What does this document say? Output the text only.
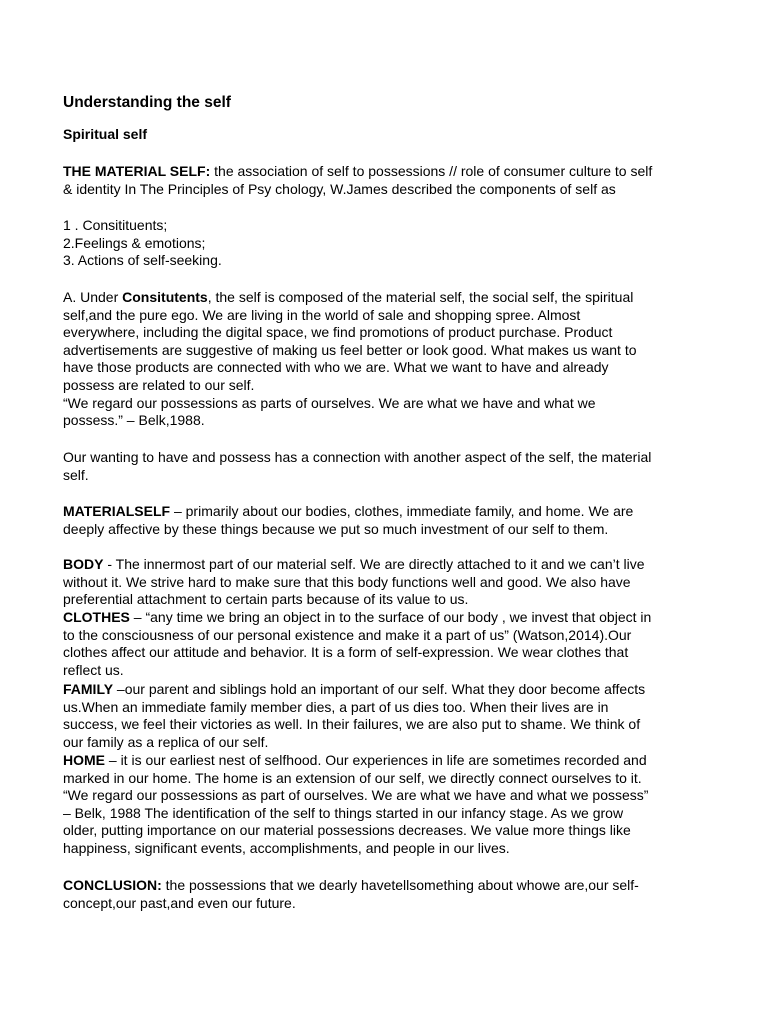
Understanding the self
Spiritual self
THE MATERIAL SELF: the association of self to possessions // role of consumer culture to self
& identity In The Principles of Psy chology, W.James described the components of self as
1 . Consitituents;
2.Feelings & emotions;
3. Actions of self-seeking.
A. Under Consitutents, the self is composed of the material self, the social self, the spiritual
self,and the pure ego. We are living in the world of sale and shopping spree. Almost
everywhere, including the digital space, we find promotions of product purchase. Product
advertisements are suggestive of making us feel better or look good. What makes us want to
have those products are connected with who we are. What we want to have and already
possess are related to our self.
“We regard our possessions as parts of ourselves. We are what we have and what we
possess.” – Belk,1988.
Our wanting to have and possess has a connection with another aspect of the self, the material
self.
MATERIALSELF – primarily about our bodies, clothes, immediate family, and home. We are
deeply affective by these things because we put so much investment of our self to them.
BODY - The innermost part of our material self. We are directly attached to it and we can’t live
without it. We strive hard to make sure that this body functions well and good. We also have
preferential attachment to certain parts because of its value to us.
CLOTHES – “any time we bring an object in to the surface of our body , we invest that object in
to the consciousness of our personal existence and make it a part of us” (Watson,2014).Our
clothes affect our attitude and behavior. It is a form of self-expression. We wear clothes that
reflect us.
FAMILY –our parent and siblings hold an important of our self. What they door become affects
us.When an immediate family member dies, a part of us dies too. When their lives are in
success, we feel their victories as well. In their failures, we are also put to shame. We think of
our family as a replica of our self.
HOME – it is our earliest nest of selfhood. Our experiences in life are sometimes recorded and
marked in our home. The home is an extension of our self, we directly connect ourselves to it.
“We regard our possessions as part of ourselves. We are what we have and what we possess”
– Belk, 1988 The identification of the self to things started in our infancy stage. As we grow
older, putting importance on our material possessions decreases. We value more things like
happiness, significant events, accomplishments, and people in our lives.
CONCLUSION: the possessions that we dearly havetellsomething about whowe are,our self-
concept,our past,and even our future.
